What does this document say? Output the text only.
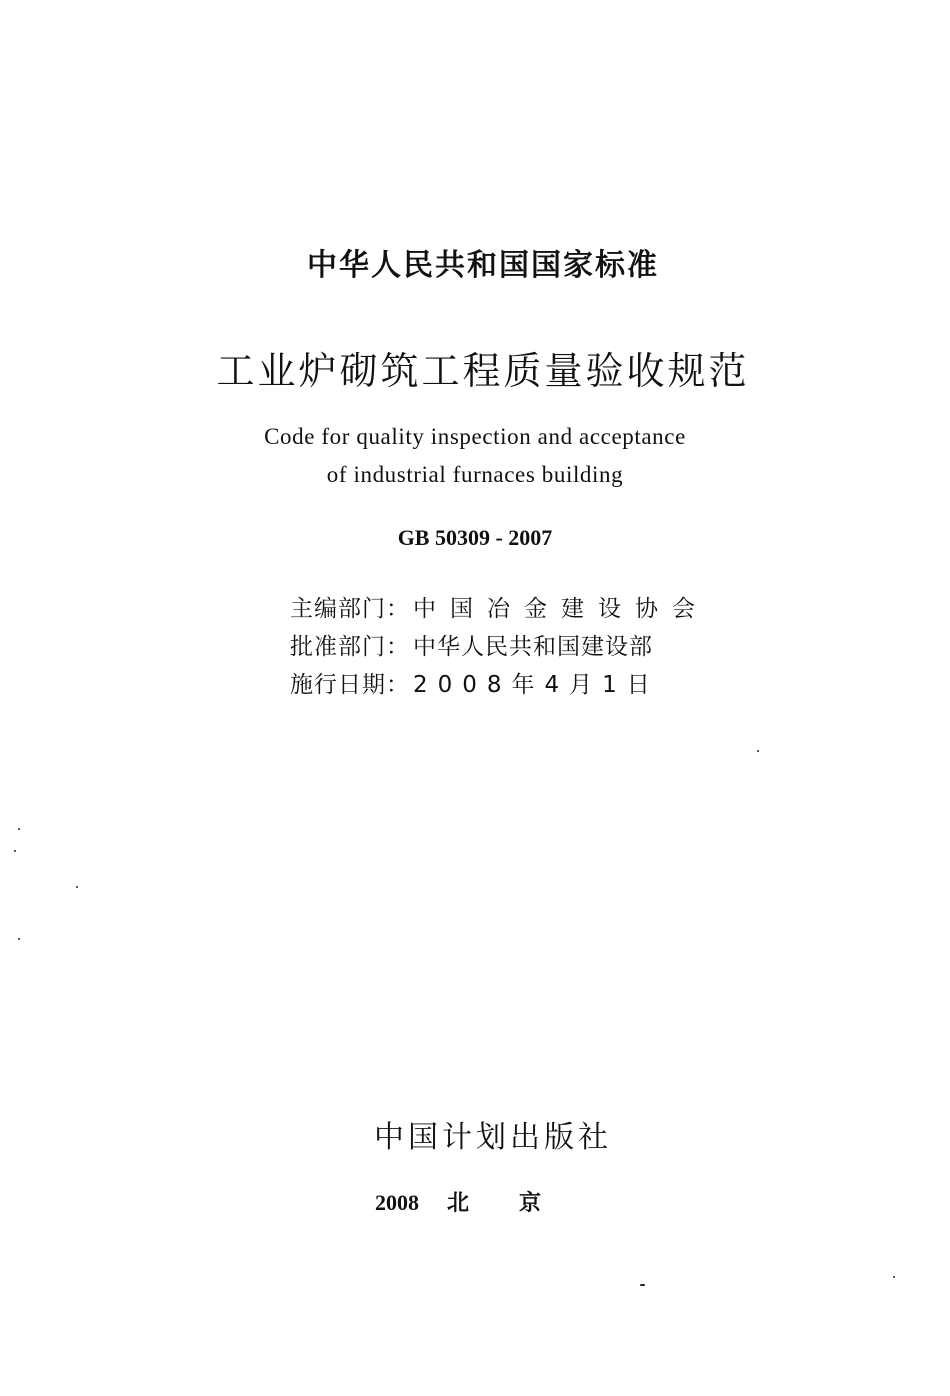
中华人民共和国国家标准
工业炉砌筑工程质量验收规范
Code for quality inspection and acceptance
of industrial furnaces building
GB 50309 - 2007
主编部门： 中国冶金建设协会
批准部门： 中华人民共和国建设部
施行日期： 2008年4月1日
中国计划出版社
2008 北京
